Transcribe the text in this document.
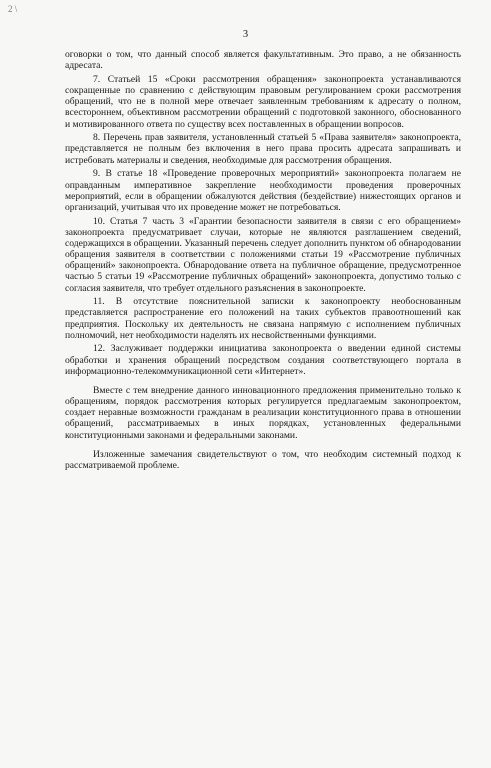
2 \
3

оговорки о том, что данный способ является факультативным. Это право, а не обязанность адресата.

7. Статьей 15 «Сроки рассмотрения обращения» законопроекта устанавливаются сокращенные по сравнению с действующим правовым регулированием сроки рассмотрения обращений, что не в полной мере отвечает заявленным требованиям к адресату о полном, всестороннем, объективном рассмотрении обращений с подготовкой законного, обоснованного и мотивированного ответа по существу всех поставленных в обращении вопросов.

8. Перечень прав заявителя, установленный статьей 5 «Права заявителя» законопроекта, представляется не полным без включения в него права просить адресата запрашивать и истребовать материалы и сведения, необходимые для рассмотрения обращения.

9. В статье 18 «Проведение проверочных мероприятий» законопроекта полагаем не оправданным императивное закрепление необходимости проведения проверочных мероприятий, если в обращении обжалуются действия (бездействие) нижестоящих органов и организаций, учитывая что их проведение может не потребоваться.

10. Статья 7 часть 3 «Гарантии безопасности заявителя в связи с его обращением» законопроекта предусматривает случаи, которые не являются разглашением сведений, содержащихся в обращении. Указанный перечень следует дополнить пунктом об обнародовании обращения заявителя в соответствии с положениями статьи 19 «Рассмотрение публичных обращений» законопроекта. Обнародование ответа на публичное обращение, предусмотренное частью 5 статьи 19 «Рассмотрение публичных обращений» законопроекта, допустимо только с согласия заявителя, что требует отдельного разъяснения в законопроекте.

11. В отсутствие пояснительной записки к законопроекту необоснованным представляется распространение его положений на таких субъектов правоотношений как предприятия. Поскольку их деятельность не связана напрямую с исполнением публичных полномочий, нет необходимости наделять их несвойственными функциями.

12. Заслуживает поддержки инициатива законопроекта о введении единой системы обработки и хранения обращений посредством создания соответствующего портала в информационно-телекоммуникационной сети «Интернет».

Вместе с тем внедрение данного инновационного предложения применительно только к обращениям, порядок рассмотрения которых регулируется предлагаемым законопроектом, создает неравные возможности гражданам в реализации конституционного права в отношении обращений, рассматриваемых в иных порядках, установленных федеральными конституционными законами и федеральными законами.

Изложенные замечания свидетельствуют о том, что необходим системный подход к рассматриваемой проблеме.
